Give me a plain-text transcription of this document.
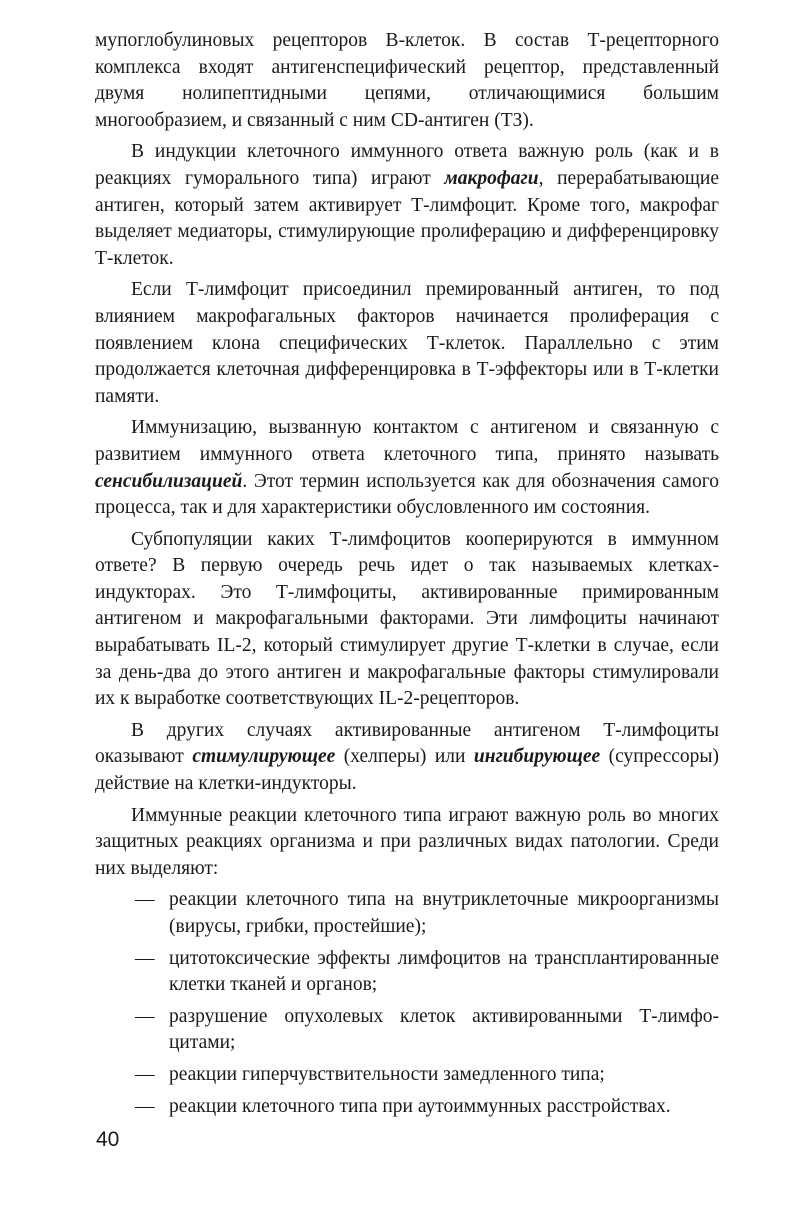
мупоглобулиновых рецепторов В-клеток. В состав Т-рецепторного комплекса входят антигенспецифический рецептор, представленный двумя нолипептидными цепями, отличающимися большим многообразием, и связанный с ним CD-антиген (ТЗ).

В индукции клеточного иммунного ответа важную роль (как и в реакциях гуморального типа) играют макрофаги, перерабатывающие антиген, который затем активирует Т-лимфоцит. Кроме того, макрофаг выделяет медиаторы, стимулирующие пролиферацию и дифференцировку Т-клеток.

Если Т-лимфоцит присоединил премированный антиген, то под влиянием макрофагальных факторов начинается пролиферация с появлением клона специфических Т-клеток. Параллельно с этим продолжается клеточная дифференцировка в Т-эффекторы или в Т-клетки памяти.

Иммунизацию, вызванную контактом с антигеном и связанную с развитием иммунного ответа клеточного типа, принято называть сенсибилизацией. Этот термин используется как для обозначения самого процесса, так и для характеристики обусловленного им состояния.

Субпопуляции каких Т-лимфоцитов кооперируются в иммунном ответе? В первую очередь речь идет о так называемых клетках-индукторах. Это Т-лимфоциты, активированные примированным антигеном и макрофагальными факторами. Эти лимфоциты начинают вырабатывать IL-2, который стимулирует другие Т-клетки в случае, если за день-два до этого антиген и макрофагальные факторы стимулировали их к выработке соответствующих IL-2-рецепторов.

В других случаях активированные антигеном Т-лимфоциты оказывают стимулирующее (хелперы) или ингибирующее (супрессоры) действие на клетки-индукторы.

Иммунные реакции клеточного типа играют важную роль во многих защитных реакциях организма и при различных видах патологии. Среди них выделяют:

— реакции клеточного типа на внутриклеточные микроорганизмы (вирусы, грибки, простейшие);
— цитотоксические эффекты лимфоцитов на трансплантированные клетки тканей и органов;
— разрушение опухолевых клеток активированными Т-лимфо-цитами;
— реакции гиперчувствительности замедленного типа;
— реакции клеточного типа при аутоиммунных расстройствах.
40
